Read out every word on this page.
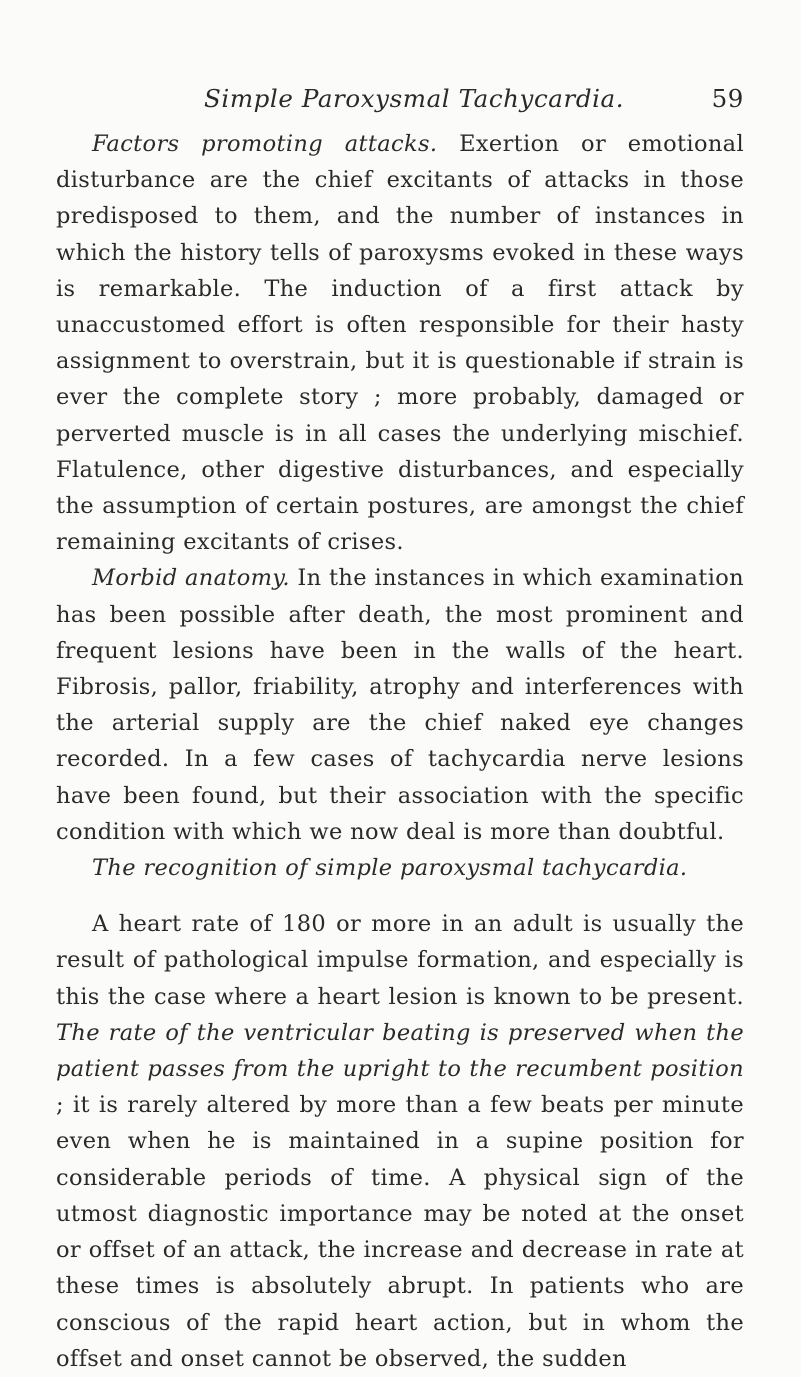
Simple Paroxysmal Tachycardia.	59

Factors promoting attacks. Exertion or emotional disturbance are the chief excitants of attacks in those predisposed to them, and the number of instances in which the history tells of paroxysms evoked in these ways is remarkable. The induction of a first attack by unaccustomed effort is often responsible for their hasty assignment to overstrain, but it is questionable if strain is ever the complete story ; more probably, damaged or perverted muscle is in all cases the underlying mischief. Flatulence, other digestive disturbances, and especially the assumption of certain postures, are amongst the chief remaining excitants of crises.

Morbid anatomy. In the instances in which examination has been possible after death, the most prominent and frequent lesions have been in the walls of the heart. Fibrosis, pallor, friability, atrophy and interferences with the arterial supply are the chief naked eye changes recorded. In a few cases of tachycardia nerve lesions have been found, but their association with the specific condition with which we now deal is more than doubtful.

The recognition of simple paroxysmal tachycardia.

A heart rate of 180 or more in an adult is usually the result of pathological impulse formation, and especially is this the case where a heart lesion is known to be present. The rate of the ventricular beating is preserved when the patient passes from the upright to the recumbent position ; it is rarely altered by more than a few beats per minute even when he is maintained in a supine position for considerable periods of time. A physical sign of the utmost diagnostic importance may be noted at the onset or offset of an attack, the increase and decrease in rate at these times is absolutely abrupt. In patients who are conscious of the rapid heart action, but in whom the offset and onset cannot be observed, the sudden
